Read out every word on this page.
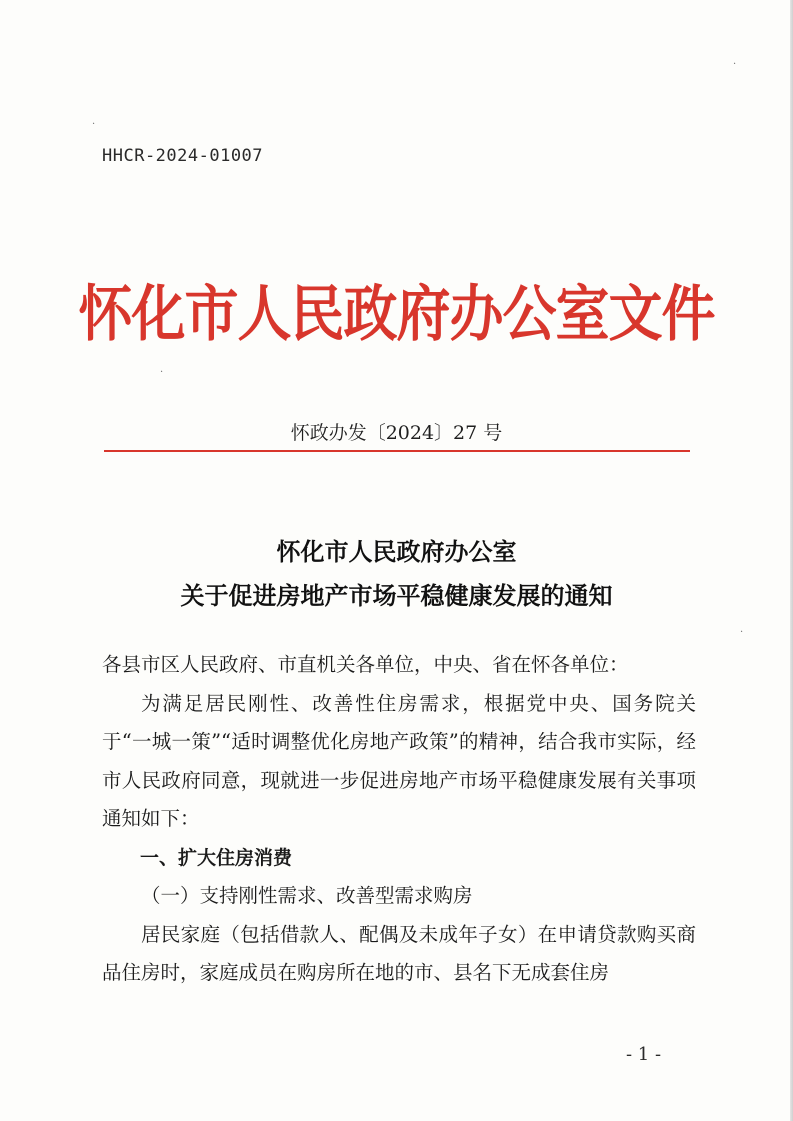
·
·
·
·
HHCR-2024-01007
怀化市人民政府办公室文件
怀政办发〔2024〕27 号
怀化市人民政府办公室
关于促进房地产市场平稳健康发展的通知

各县市区人民政府、市直机关各单位，中央、省在怀各单位：

为满足居民刚性、改善性住房需求，根据党中央、国务院关于“一城一策”“适时调整优化房地产政策”的精神，结合我市实际，经市人民政府同意，现就进一步促进房地产市场平稳健康发展有关事项通知如下：

一、扩大住房消费

（一）支持刚性需求、改善型需求购房

居民家庭（包括借款人、配偶及未成年子女）在申请贷款购买商品住房时，家庭成员在购房所在地的市、县名下无成套住房

- 1 -
